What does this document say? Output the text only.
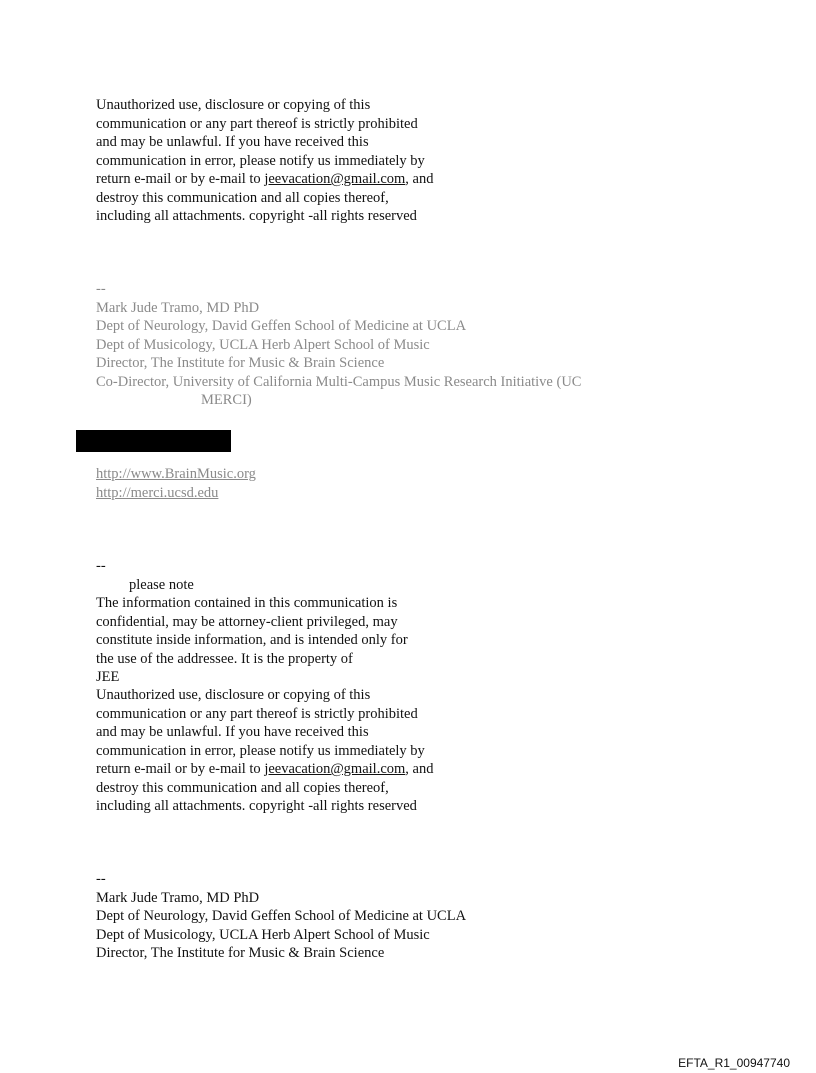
Unauthorized use, disclosure or copying of this
communication or any part thereof is strictly prohibited
and may be unlawful. If you have received this
communication in error, please notify us immediately by
return e-mail or by e-mail to jeevacation@gmail.com, and
destroy this communication and all copies thereof,
including all attachments. copyright -all rights reserved
--
Mark Jude Tramo, MD PhD
Dept of Neurology, David Geffen School of Medicine at UCLA
Dept of Musicology, UCLA Herb Alpert School of Music
Director, The Institute for Music & Brain Science
Co-Director, University of California Multi-Campus Music Research Initiative (UC
MERCI)
http://www.BrainMusic.org
http://merci.ucsd.edu
--
please note
The information contained in this communication is
confidential, may be attorney-client privileged, may
constitute inside information, and is intended only for
the use of the addressee. It is the property of
JEE
Unauthorized use, disclosure or copying of this
communication or any part thereof is strictly prohibited
and may be unlawful. If you have received this
communication in error, please notify us immediately by
return e-mail or by e-mail to jeevacation@gmail.com, and
destroy this communication and all copies thereof,
including all attachments. copyright -all rights reserved
--
Mark Jude Tramo, MD PhD
Dept of Neurology, David Geffen School of Medicine at UCLA
Dept of Musicology, UCLA Herb Alpert School of Music
Director, The Institute for Music & Brain Science
EFTA_R1_00947740
